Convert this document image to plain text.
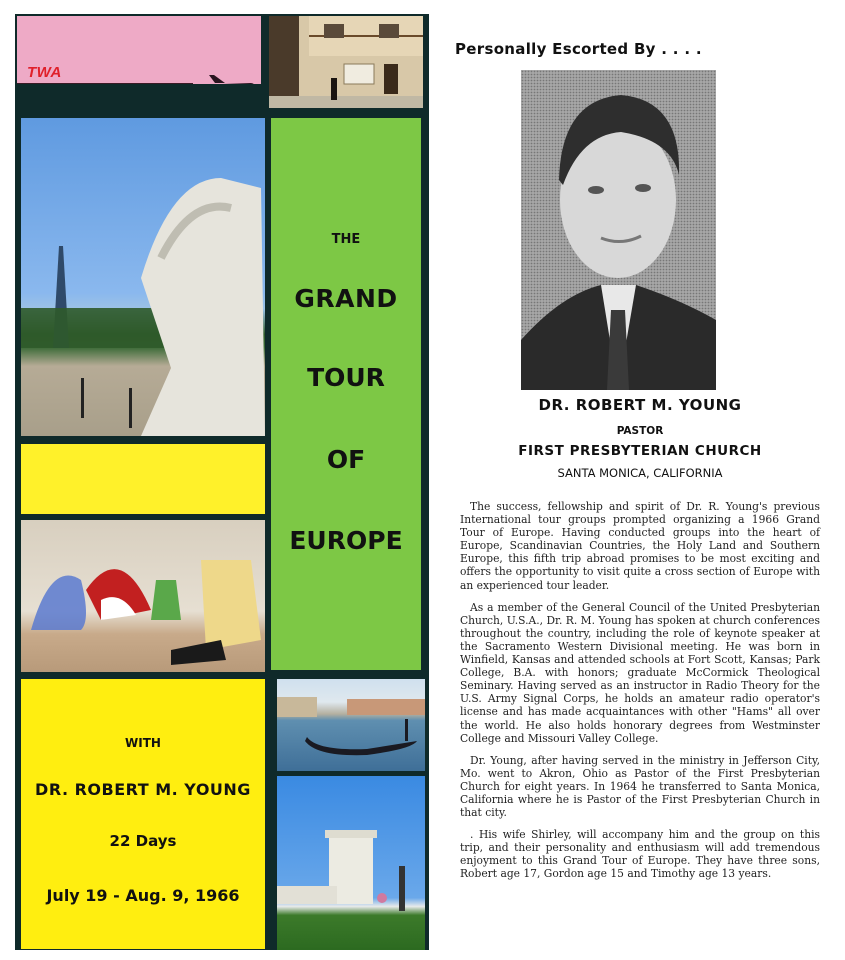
TWA
THE
GRAND
TOUR
OF
EUROPE
WITH
DR. ROBERT M. YOUNG
22 Days
July 19 - Aug. 9, 1966
Personally Escorted By . . . .
DR. ROBERT M. YOUNG
PASTOR
FIRST PRESBYTERIAN CHURCH
SANTA MONICA, CALIFORNIA

The success, fellowship and spirit of Dr. R. Young's previous International tour groups prompted organizing a 1966 Grand Tour of Europe. Having conducted groups into the heart of Europe, Scandinavian Countries, the Holy Land and Southern Europe, this fifth trip abroad promises to be most exciting and offers the opportunity to visit quite a cross section of Europe with an experienced tour leader.

As a member of the General Council of the United Presbyterian Church, U.S.A., Dr. R. M. Young has spoken at church conferences throughout the country, including the role of keynote speaker at the Sacramento Western Divisional meeting. He was born in Winfield, Kansas and attended schools at Fort Scott, Kansas; Park College, B.A. with honors; graduate McCormick Theological Seminary. Having served as an instructor in Radio Theory for the U.S. Army Signal Corps, he holds an amateur radio operator's license and has made acquaintances with other "Hams" all over the world. He also holds honorary degrees from Westminster College and Missouri Valley College.

Dr. Young, after having served in the ministry in Jefferson City, Mo. went to Akron, Ohio as Pastor of the First Presbyterian Church for eight years. In 1964 he transferred to Santa Monica, California where he is Pastor of the First Presbyterian Church in that city.

. His wife Shirley, will accompany him and the group on this trip, and their personality and enthusiasm will add tremendous enjoyment to this Grand Tour of Europe. They have three sons, Robert age 17, Gordon age 15 and Timothy age 13 years.
